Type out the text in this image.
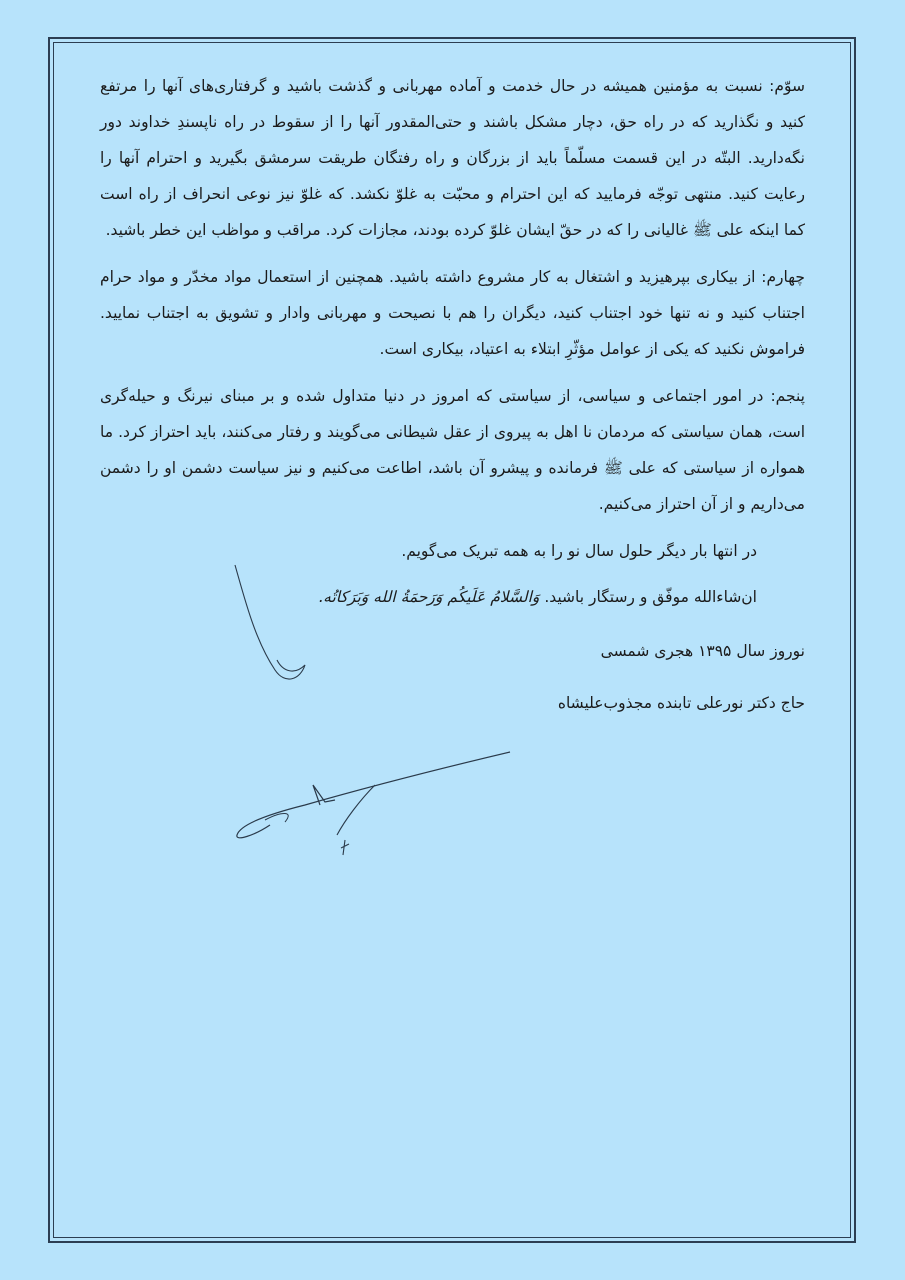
سوّم: نسبت به مؤمنین همیشه در حال خدمت و آماده مهربانی و گذشت باشید و گرفتاری‌های آنها را مرتفع کنید و نگذارید که در راه حق، دچار مشکل باشند و حتی‌المقدور آنها را از سقوط در راه ناپسندِ خداوند دور نگه‌دارید. البتّه در این قسمت مسلّماً باید از بزرگان و راه رفتگان طریقت سرمشق بگیرید و احترام آنها را رعایت کنید. منتهی توجّه فرمایید که این احترام و محبّت به غلوّ نکشد. که غلوّ نیز نوعی انحراف از راه است کما اینکه علی ﷺ غالیانی را که در حقّ ایشان غلوّ کرده بودند، مجازات کرد. مراقب و مواظب این خطر باشید.

چهارم: از بیکاری بپرهیزید و اشتغال به کار مشروع داشته باشید. همچنین از استعمال مواد مخدّر و مواد حرام اجتناب کنید و نه تنها خود اجتناب کنید، دیگران را هم با نصیحت و مهربانی وادار و تشویق به اجتناب نمایید. فراموش نکنید که یکی از عوامل مؤثّرِ ابتلاء به اعتیاد، بیکاری است.

پنجم: در امور اجتماعی و سیاسی، از سیاستی که امروز در دنیا متداول شده و بر مبنای نیرنگ و حیله‌گری است، همان سیاستی که مردمان نا اهل به پیروی از عقل شیطانی می‌گویند و رفتار می‌کنند، باید احتراز کرد. ما همواره از سیاستی که علی ﷺ فرمانده و پیشرو آن باشد، اطاعت می‌کنیم و نیز سیاست دشمن او را دشمن می‌داریم و از آن احتراز می‌کنیم.

در انتها بار دیگر حلول سال نو را به همه تبریک می‌گویم.

ان‌شاءالله موفّق و رستگار باشید. وَالسَّلامُ عَلَیکُم وَرَحمَةُ الله وَبَرَکاتُه.

نوروز سال ۱۳۹۵ هجری شمسی

حاج دکتر نورعلی تابنده مجذوب‌علیشاه
